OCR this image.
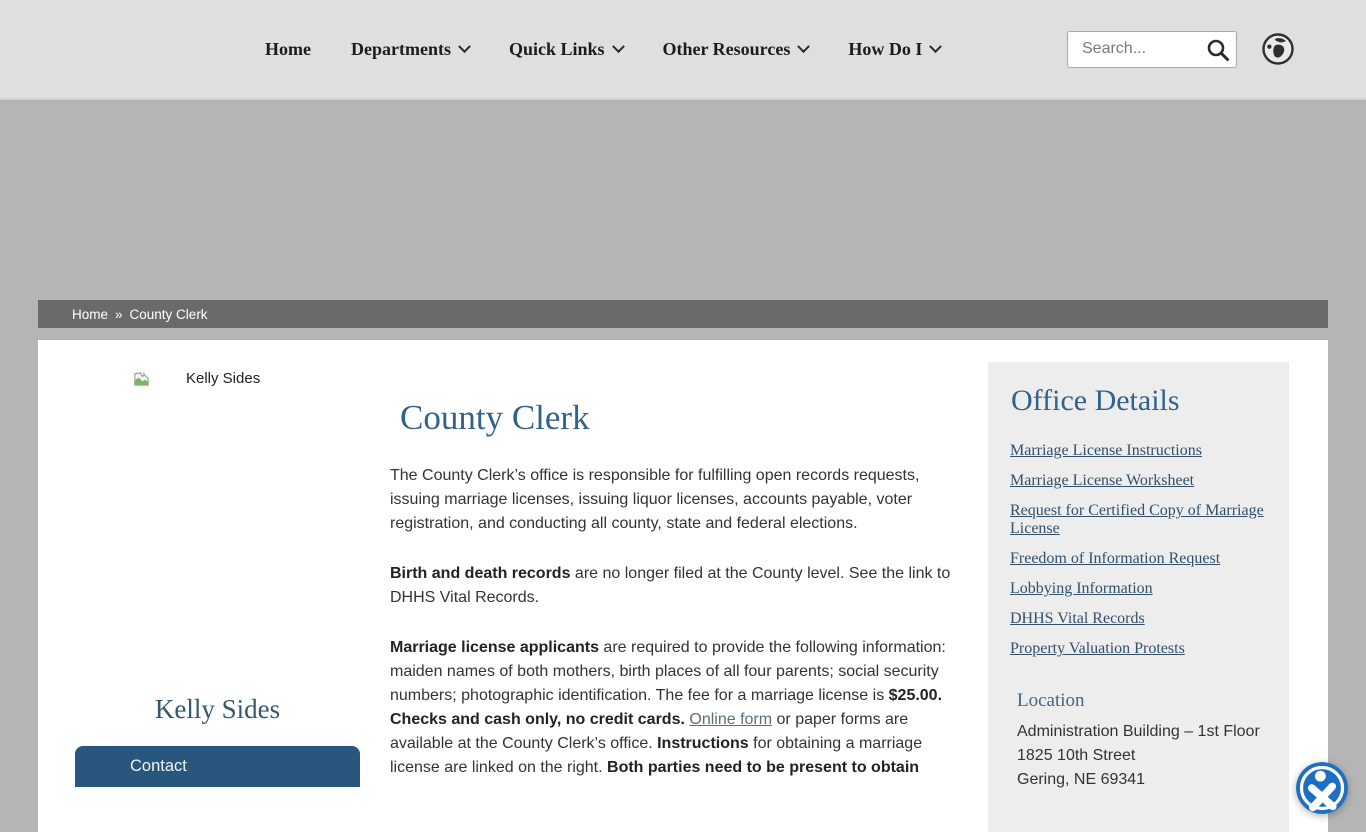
Home Departments	Quick Links	Other Resources	How Do I
Search...
Home » County Clerk
Kelly Sides
Kelly Sides
Contact
County Clerk

The County Clerk’s office is responsible for fulfilling open records requests, issuing marriage licenses, issuing liquor licenses, accounts payable, voter registration, and conducting all county, state and federal elections.

Birth and death records are no longer filed at the County level. See the link to DHHS Vital Records.

Marriage license applicants are required to provide the following information: maiden names of both mothers, birth places of all four parents; social security numbers; photographic identification. The fee for a marriage license is $25.00. Checks and cash only, no credit cards. Online form or paper forms are available at the County Clerk’s office. Instructions for obtaining a marriage license are linked on the right. Both parties need to be present to obtain

Office Details
Marriage License Instructions
Marriage License Worksheet
Request for Certified Copy of Marriage License
Freedom of Information Request
Lobbying Information
DHHS Vital Records
Property Valuation Protests
Location
Administration Building – 1st Floor
1825 10th Street
Gering, NE 69341
